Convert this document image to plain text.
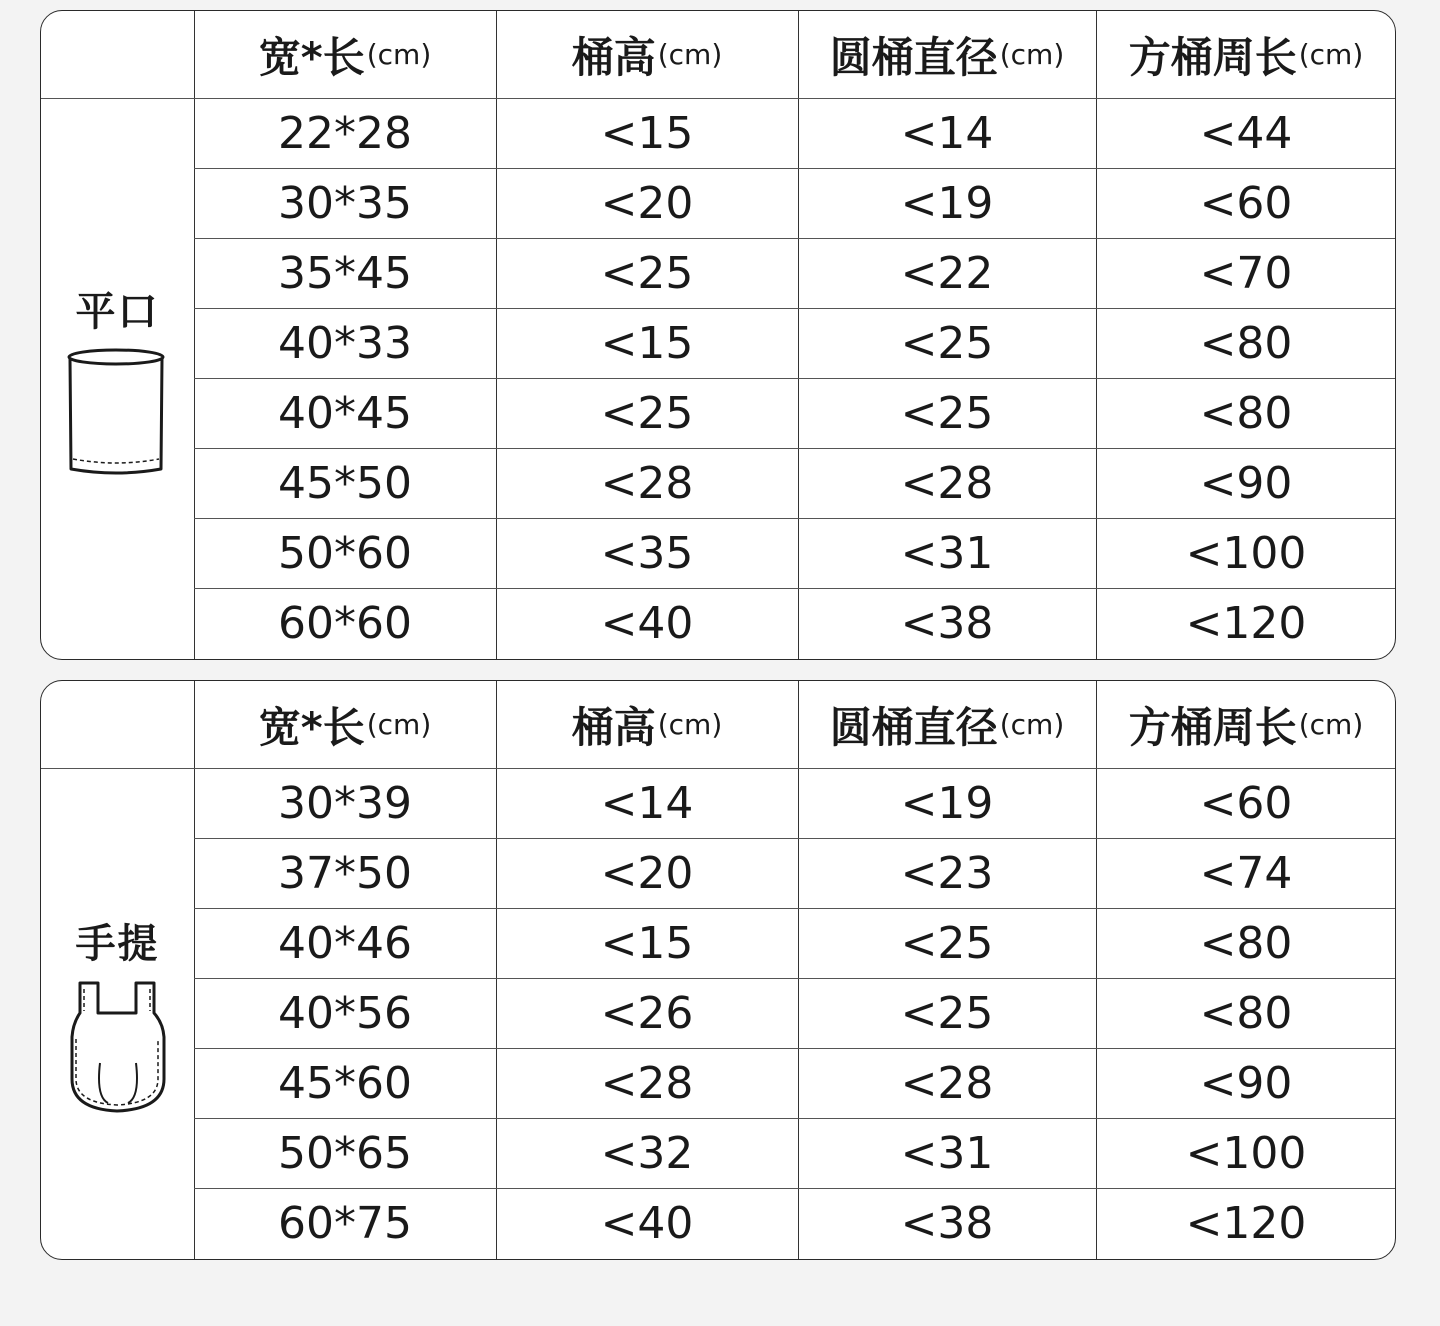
宽*长 (cm)	桶高 (cm)	圆桶直径 (cm) 方桶周长 (cm)
平口
22*28	<15	<14	<44
30*35	<20	<19	<60
35*45	<25	<22	<70
40*33	<15	<25	<80
40*45	<25	<25	<80
45*50	<28	<28	<90
50*60	<35	<31	<100
60*60	<40	<38	<120
宽*长 (cm)	桶高 (cm)	圆桶直径 (cm) 方桶周长 (cm)
手提
30*39	<14	<19	<60
37*50	<20	<23	<74
40*46	<15	<25	<80
40*56	<26	<25	<80
45*60	<28	<28	<90
50*65	<32	<31	<100
60*75	<40	<38	<120
